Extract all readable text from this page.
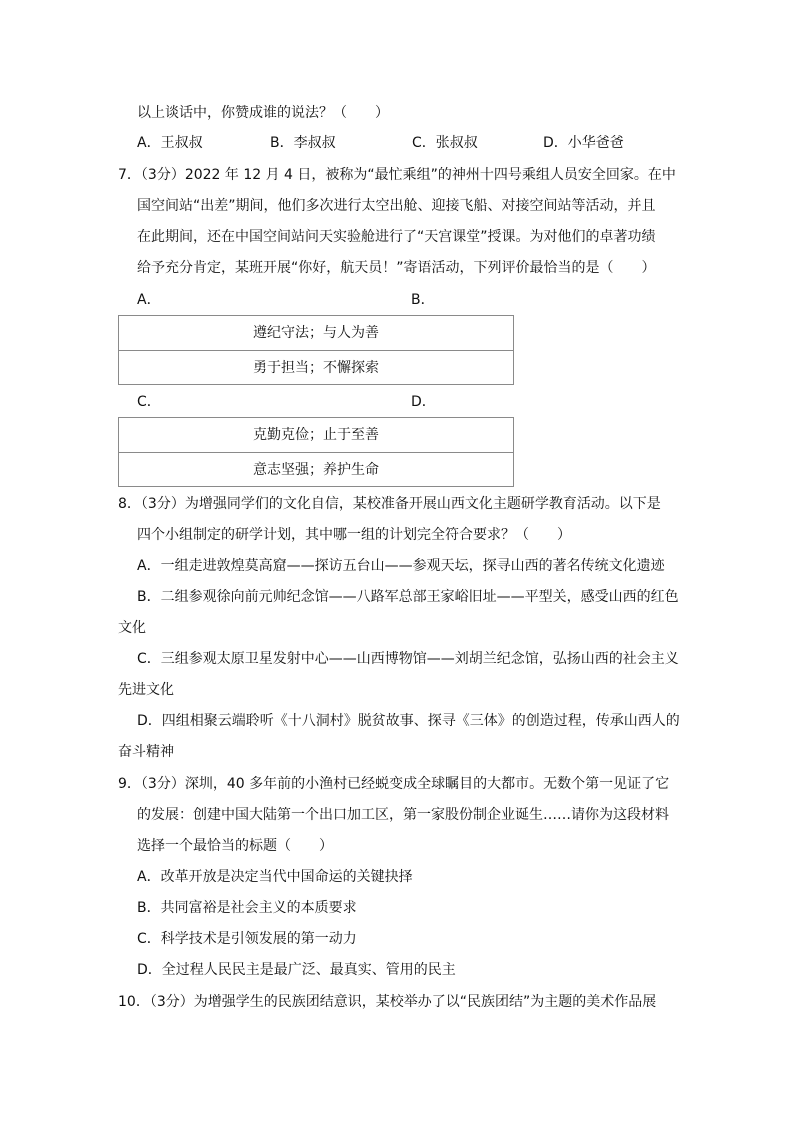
以上谈话中，你赞成谁的说法？（　　）
A．王叔叔	B．李叔叔	C．张叔叔	D．小华爸爸
7．（3分）2022 年 12 月 4 日，被称为“最忙乘组”的神州十四号乘组人员安全回家。在中
国空间站“出差”期间，他们多次进行太空出舱、迎接飞船、对接空间站等活动，并且
在此期间，还在中国空间站问天实验舱进行了“天宫课堂”授课。为对他们的卓著功绩
给予充分肯定，某班开展“你好，航天员！”寄语活动，下列评价最恰当的是（　　）
A．	B．
遵纪守法；与人为善
勇于担当；不懈探索
C．	D．
克勤克俭；止于至善
意志坚强；养护生命
8．（3分）为增强同学们的文化自信，某校准备开展山西文化主题研学教育活动。以下是
四个小组制定的研学计划，其中哪一组的计划完全符合要求？（　　）
A．一组走进敦煌莫高窟——探访五台山——参观天坛，探寻山西的著名传统文化遗迹
B．二组参观徐向前元帅纪念馆——八路军总部王家峪旧址——平型关，感受山西的红色
文化
C．三组参观太原卫星发射中心——山西博物馆——刘胡兰纪念馆，弘扬山西的社会主义
先进文化
D．四组相聚云端聆听《十八洞村》脱贫故事、探寻《三体》的创造过程，传承山西人的
奋斗精神
9．（3分）深圳，40 多年前的小渔村已经蜕变成全球瞩目的大都市。无数个第一见证了它
的发展：创建中国大陆第一个出口加工区，第一家股份制企业诞生……请你为这段材料
选择一个最恰当的标题（　　）
A．改革开放是决定当代中国命运的关键抉择
B．共同富裕是社会主义的本质要求
C．科学技术是引领发展的第一动力
D．全过程人民民主是最广泛、最真实、管用的民主
10．（3分）为增强学生的民族团结意识，某校举办了以“民族团结”为主题的美术作品展
